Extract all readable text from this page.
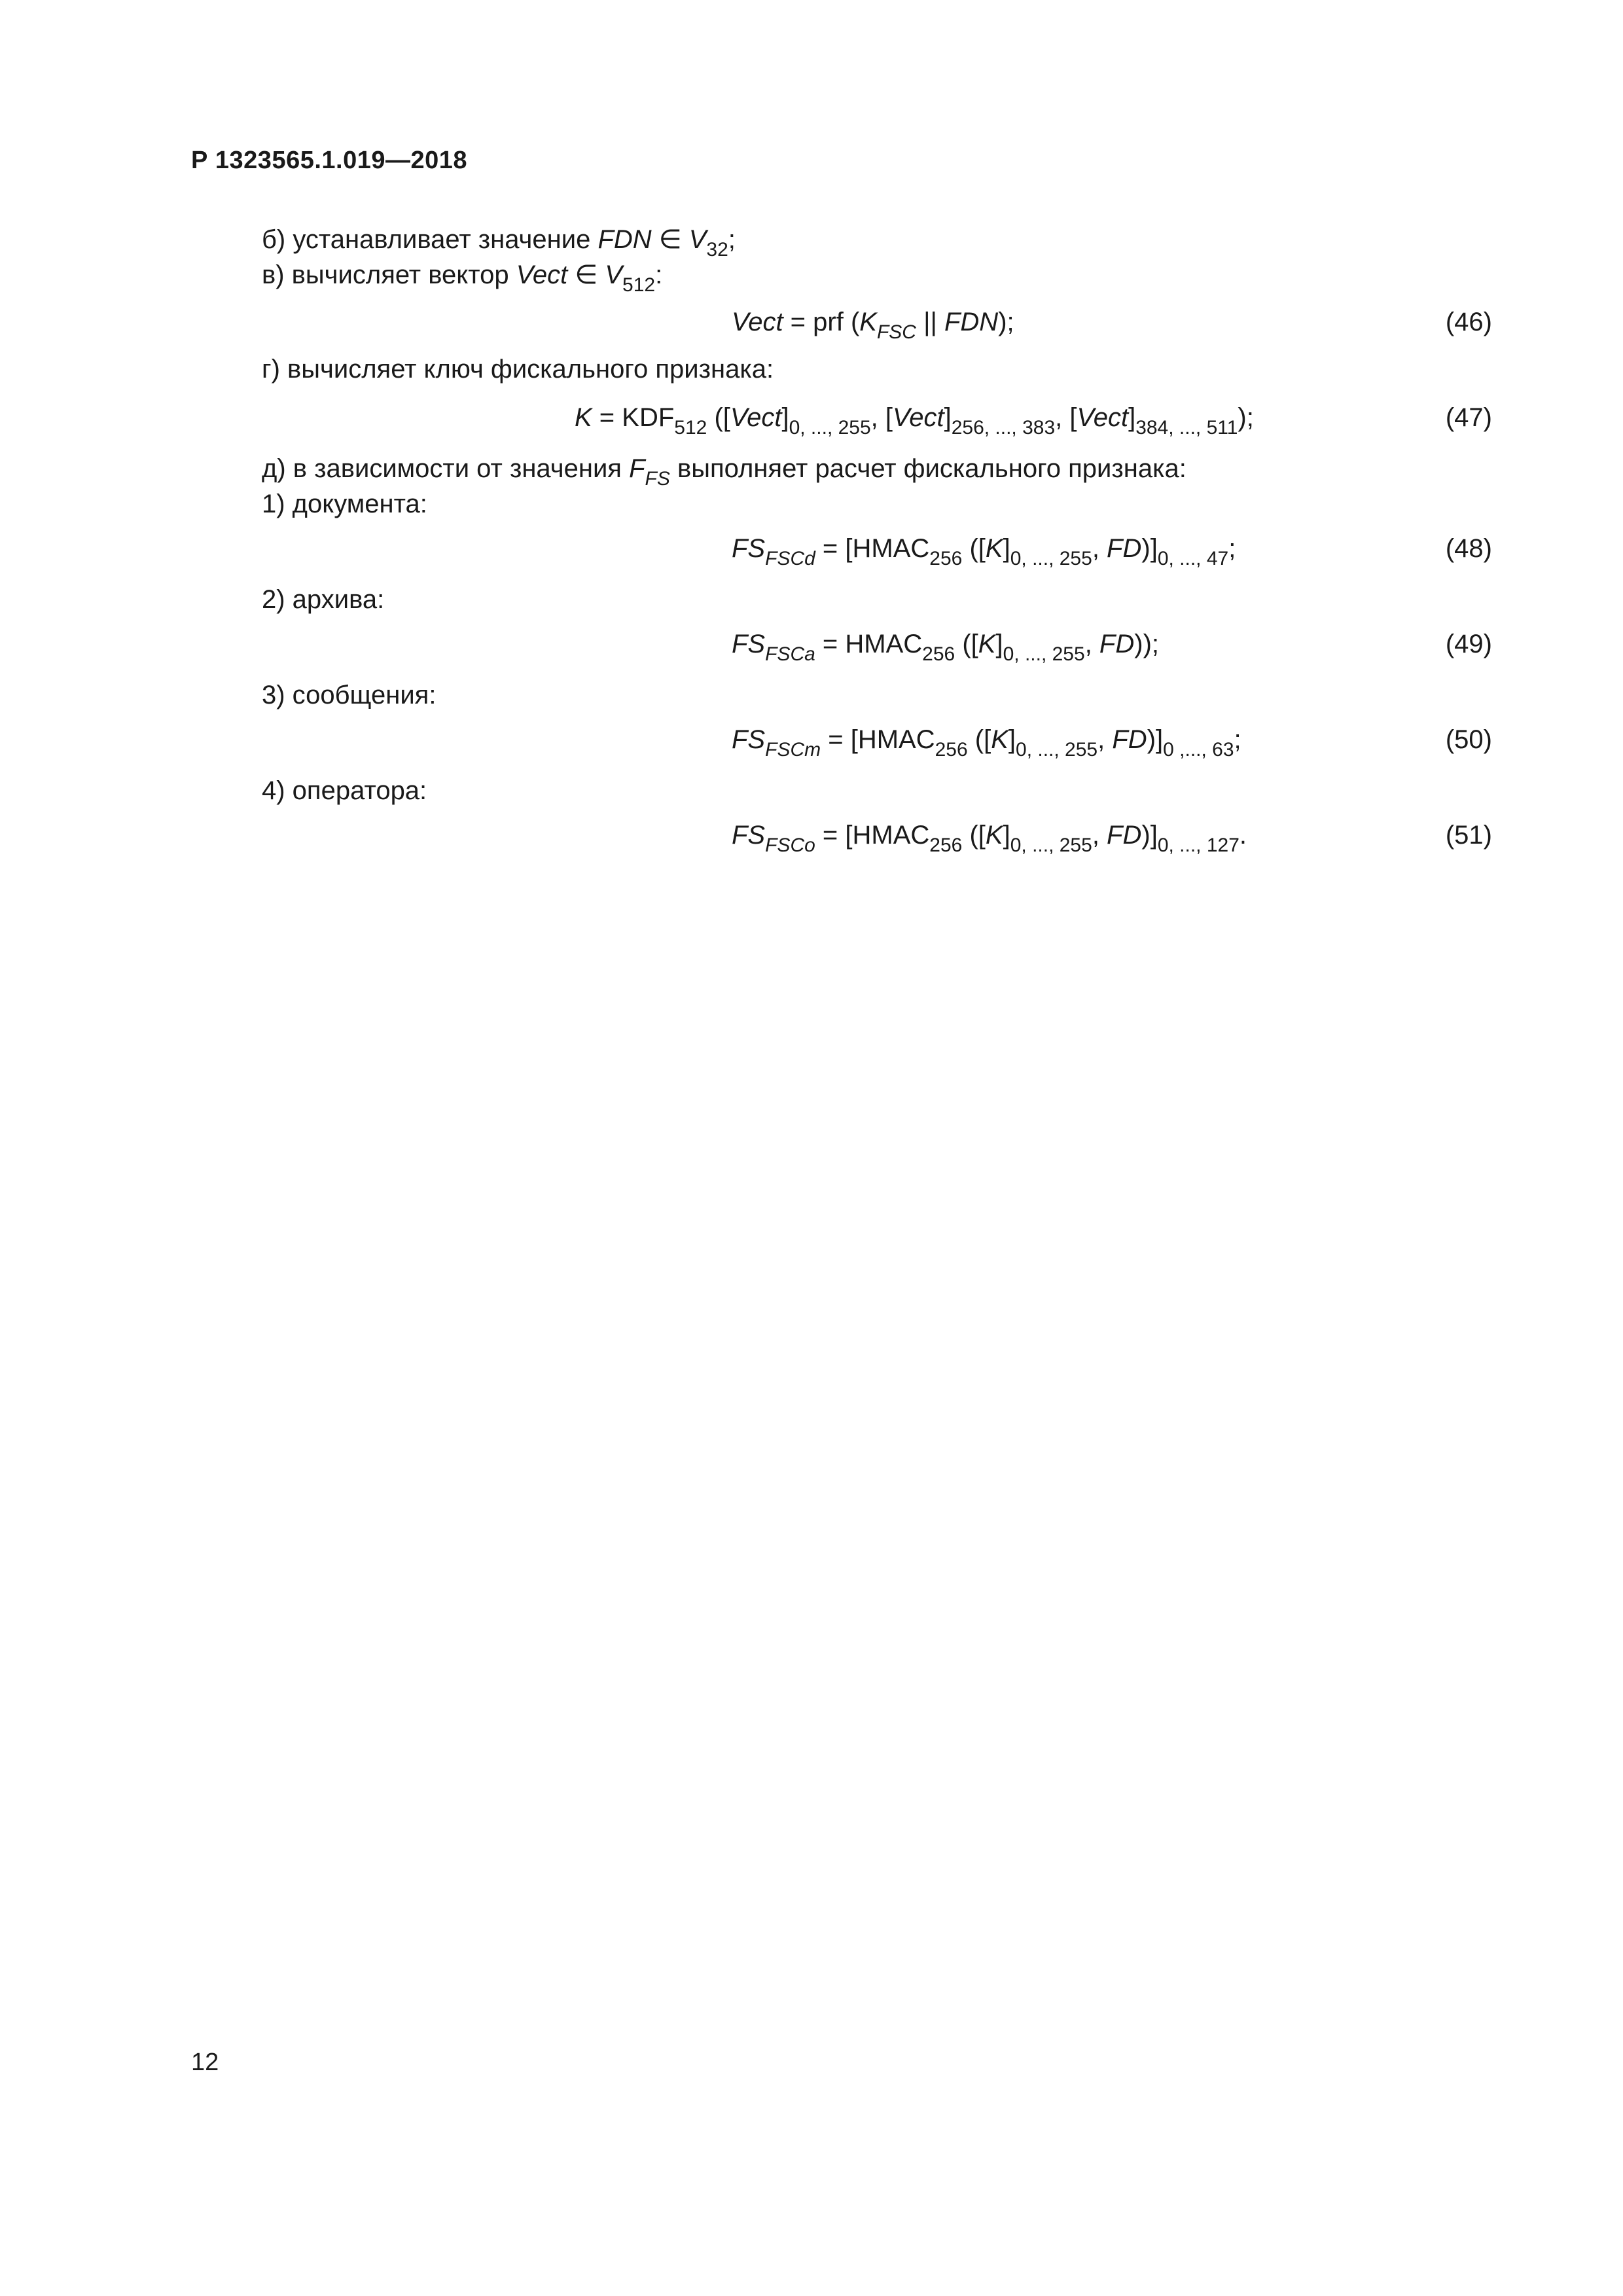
Р 1323565.1.019—2018
б) устанавливает значение FDN ∈ $V_{32}$;
в) вычисляет вектор Vect ∈ $V_{512}$:
Vect = prf ($K_{FSC}$ || FDN);	(46)
г) вычисляет ключ фискального признака:
$K = KDF_{512}$ ($[Vect]_{0, ..., 255}$, $[Vect]_{256, ..., 383}$, $[Vect]_{384, ..., 511}$);	(47)
д) в зависимости от значения $F_{FS}$ выполняет расчет фискального признака:
1) документа:
$FS_{FSCd}$ = [$HMAC_{256}$ ($[K]_{0, ..., 255}$, $FD)]_{0, ..., 47}$;	(48)
2) архива:
$FS_{FSCa}$ = $HMAC_{256}$ ($[K]_{0, ..., 255}$, FD));	(49)
3) сообщения:
$FS_{FSCm}$ = [$HMAC_{256}$ ($[K]_{0, ..., 255}$, $FD)]_{0 ,..., 63}$;	(50)
4) оператора:
$FS_{FSCo}$ = [$HMAC_{256}$ ($[K]_{0, ..., 255}$, $FD)]_{0, ..., 127}$.	(51)
12
